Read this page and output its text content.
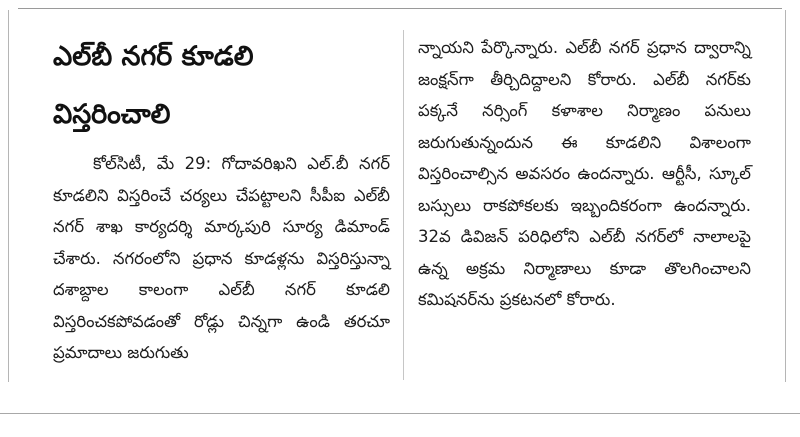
ఎల్‌బీ నగర్ కూడలి
విస్తరించాలి

కోల్‌సిటీ, మే 29: గోదావరిఖని ఎల్.బీ నగర్ కూడలిని విస్తరించే చర్యలు చేపట్టాలని సీపీఐ ఎల్‌బీ నగర్ శాఖ కార్యదర్శి మార్కపురి సూర్య డిమాండ్ చేశారు. నగరంలోని ప్రధాన కూడళ్లను విస్తరిస్తున్నా దశాబ్దాల కాలంగా ఎల్‌బీ నగర్ కూడలి విస్తరించకపోవడంతో రోడ్లు చిన్నగా ఉండి తరచూ ప్రమాదాలు జరుగుతు

న్నాయని పేర్కొన్నారు. ఎల్‌బీ నగర్ ప్రధాన ద్వారాన్ని జంక్షన్‌గా తీర్చిదిద్దాలని కోరారు. ఎల్‌బీ నగర్‌కు పక్కనే నర్సింగ్ కళాశాల నిర్మాణం పనులు జరుగుతున్నందున ఈ కూడలిని విశాలంగా విస్తరించాల్సిన అవసరం ఉందన్నారు. ఆర్టీసీ, స్కూల్ బస్సులు రాకపోకలకు ఇబ్బందికరంగా ఉందన్నారు. 32వ డివిజన్ పరిధిలోని ఎల్‌బీ నగర్‌లో నాలాలపై ఉన్న అక్రమ నిర్మాణాలు కూడా తొలగించాలని కమిషనర్‌ను ప్రకటనలో కోరారు.
